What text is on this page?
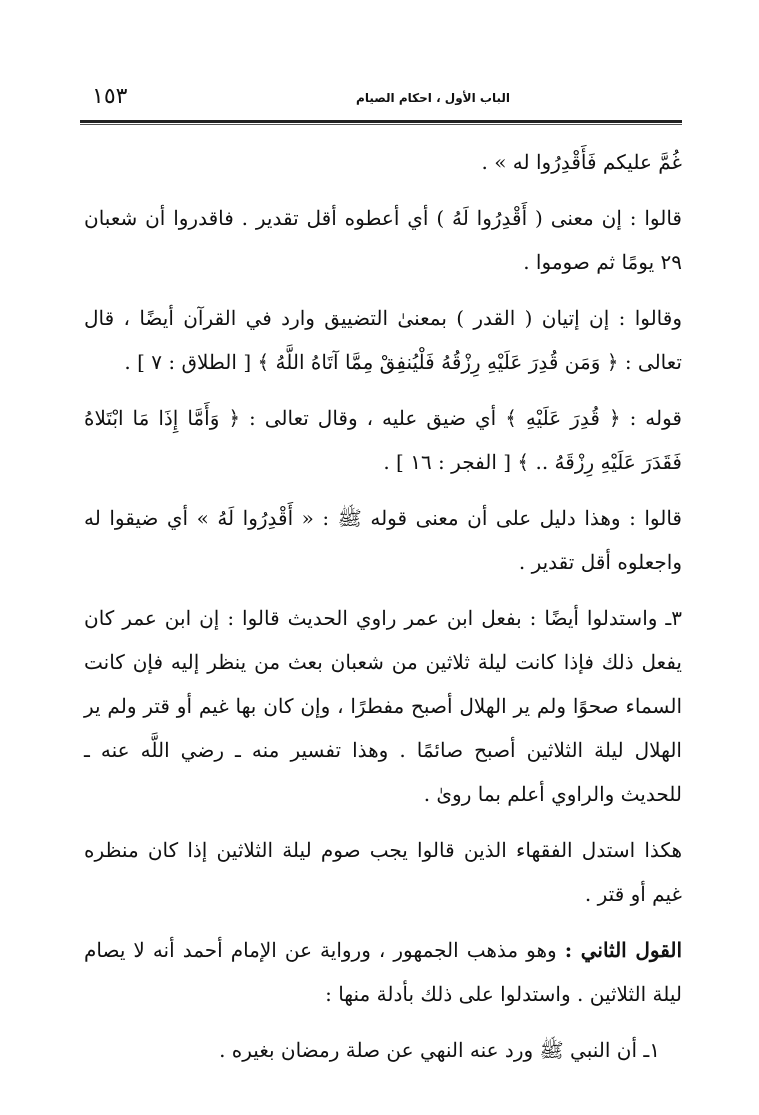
الباب الأول ، احكام الصيام
١٥٣

غُمَّ عليكم فَأَقْدِرُوا له » .

قالوا : إن معنى ( أَقْدِرُوا لَهُ ) أي أعطوه أقل تقدير . فاقدروا أن شعبان ٢٩ يومًا ثم صوموا .

وقالوا : إن إتيان ( القدر ) بمعنىٰ التضييق وارد في القرآن أيضًا ، قال تعالى : ﴿ وَمَن قُدِرَ عَلَيْهِ رِزْقُهُ فَلْيُنفِقْ مِمَّا آتَاهُ اللَّهُ ﴾ [ الطلاق : ٧ ] .

قوله : ﴿ قُدِرَ عَلَيْهِ ﴾ أي ضيق عليه ، وقال تعالى : ﴿ وَأَمَّا إِذَا مَا ابْتَلاهُ فَقَدَرَ عَلَيْهِ رِزْقَهُ .. ﴾ [ الفجر : ١٦ ] .

قالوا : وهذا دليل على أن معنى قوله ﷺ : « أَقْدِرُوا لَهُ » أي ضيقوا له واجعلوه أقل تقدير .

٣ـ واستدلوا أيضًا : بفعل ابن عمر راوي الحديث قالوا : إن ابن عمر كان يفعل ذلك فإذا كانت ليلة ثلاثين من شعبان بعث من ينظر إليه فإن كانت السماء صحوًا ولم ير الهلال أصبح مفطرًا ، وإن كان بها غيم أو قتر ولم ير الهلال ليلة الثلاثين أصبح صائمًا . وهذا تفسير منه ـ رضي اللَّه عنه ـ للحديث والراوي أعلم بما روىٰ .

هكذا استدل الفقهاء الذين قالوا يجب صوم ليلة الثلاثين إذا كان منظره غيم أو قتر .

القول الثاني : وهو مذهب الجمهور ، ورواية عن الإمام أحمد أنه لا يصام ليلة الثلاثين . واستدلوا على ذلك بأدلة منها :

١ـ أن النبي ﷺ ورد عنه النهي عن صلة رمضان بغيره .
